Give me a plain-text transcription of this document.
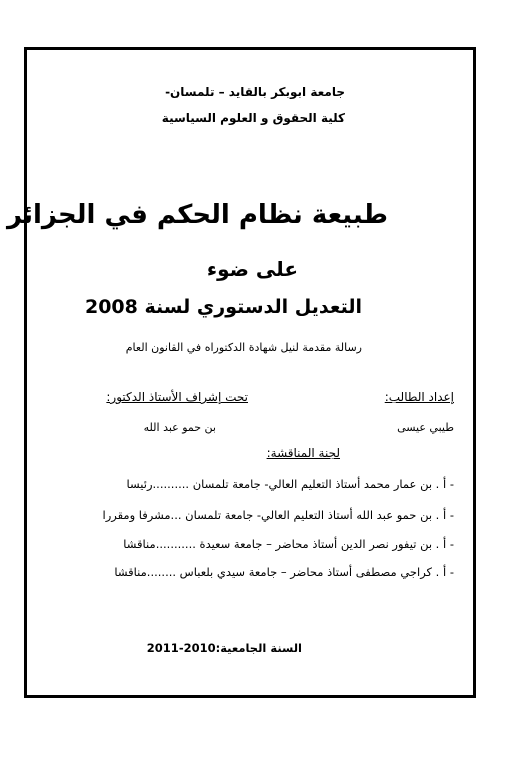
جامعة ابوبكر بالقايد – تلمسان-
كلية الحقوق و العلوم السياسية
طبيعة نظام الحكم في الجزائر
على ضوء
التعديل الدستوري لسنة 2008
رسالة مقدمة لنيل شهادة الدكتوراه في القانون العام
إعداد الطالب:
تحت إشراف الأستاذ الدكتور:
طيبي عيسى
بن حمو عبد الله
لجنة المناقشة:
- أ . بن عمار محمد أستاذ التعليم العالي- جامعة تلمسان ..........رئيسا
- أ . بن حمو عبد الله أستاذ التعليم العالي- جامعة تلمسان ...مشرفا ومقررا
- أ . بن تيفور نصر الدين أستاذ محاضر – جامعة سعيدة ...........مناقشا
- أ . كراجي مصطفى أستاذ محاضر – جامعة سيدي بلعباس ........مناقشا
السنة الجامعية:2010-2011
